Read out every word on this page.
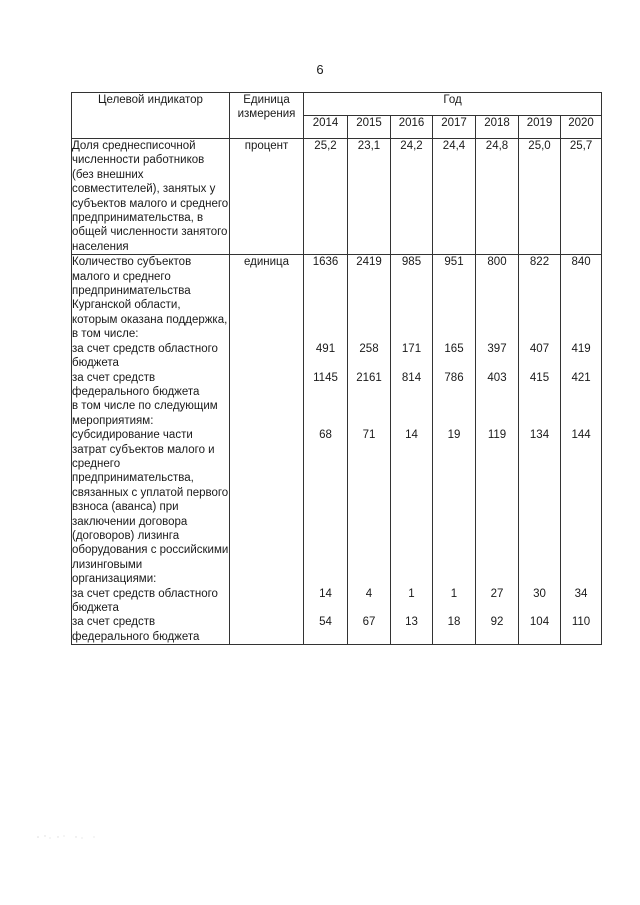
6
Целевой индикатор	Единица измерения	Год						
		2014	2015	2016	2017	2018	2019	2020
Доля среднесписочной численности работников (без внешних совместителей), занятых у субъектов малого и среднего предпринимательства, в общей численности занятого населения	процент	25,2	23,1	24,2	24,4	24,8	25,0	25,7
Количество субъектов малого и среднего предпринимательства Курганской области, которым оказана поддержка, в том числе:	единица	1636	2419	985	951	800	822	840
за счет средств областного бюджета		491	258	171	165	397	407	419
за счет средств федерального бюджета		1145	2161	814	786	403	415	421
в том числе по следующим мероприятиям:								
субсидирование части затрат субъектов малого и среднего предпринимательства, связанных с уплатой первого взноса (аванса) при заключении договора (договоров) лизинга оборудования с российскими лизинговыми организациями:		68	71	14	19	119	134	144
за счет средств областного бюджета		14	4	1	1	27	30	34
за счет средств федерального бюджета		54	67	13	18	92	104	110
